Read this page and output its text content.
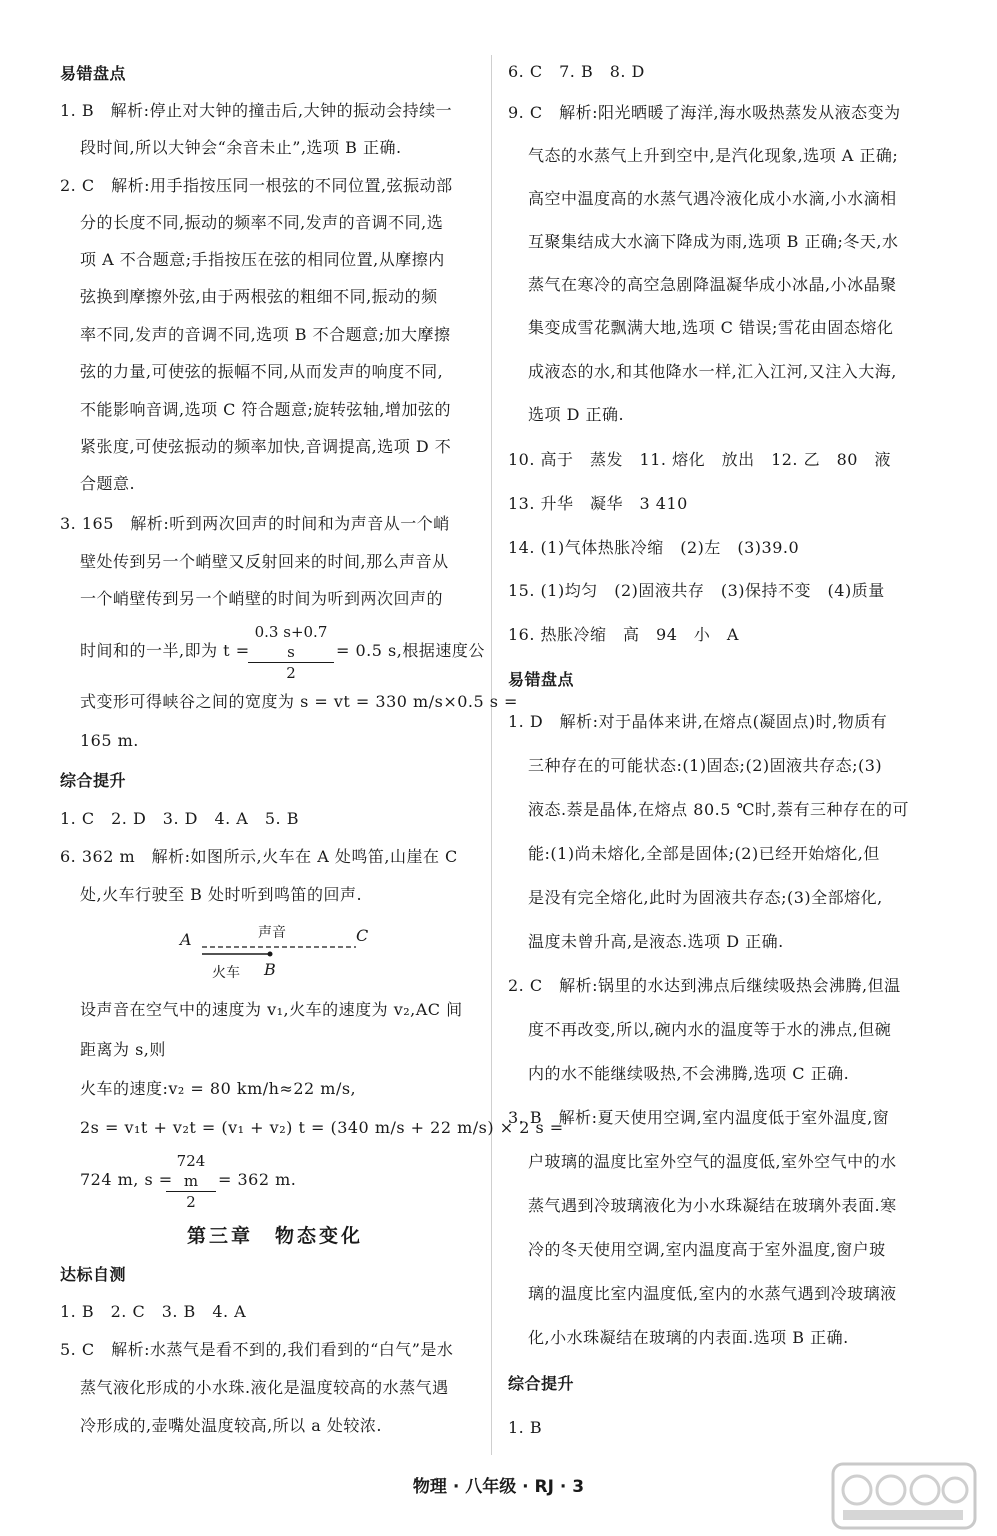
易错盘点
1. B　解析:停止对大钟的撞击后,大钟的振动会持续一
段时间,所以大钟会“余音未止”,选项 B 正确.
2. C　解析:用手指按压同一根弦的不同位置,弦振动部
分的长度不同,振动的频率不同,发声的音调不同,选
项 A 不合题意;手指按压在弦的相同位置,从摩擦内
弦换到摩擦外弦,由于两根弦的粗细不同,振动的频
率不同,发声的音调不同,选项 B 不合题意;加大摩擦
弦的力量,可使弦的振幅不同,从而发声的响度不同,
不能影响音调,选项 C 符合题意;旋转弦轴,增加弦的
紧张度,可使弦振动的频率加快,音调提高,选项 D 不
合题意.
3. 165　解析:听到两次回声的时间和为声音从一个峭
壁处传到另一个峭壁又反射回来的时间,那么声音从
一个峭壁传到另一个峭壁的时间为听到两次回声的
时间和的一半,即为 t =
$\frac{0.3 s+0.7 s}{2} = 0.5$ s,根据速度公
式变形可得峡谷之间的宽度为 s = vt = 330 m/s×0.5 s =
165 m.
综合提升
1. C　2. D　3. D　4. A　5. B
6. 362 m　解析:如图所示,火车在 A 处鸣笛,山崖在 C
处,火车行驶至 B 处时听到鸣笛的回声.
A	声音	C
火车 B
设声音在空气中的速度为 v₁,火车的速度为 v₂,AC 间
距离为 s,则
火车的速度:v₂ = 80 km/h≈22 m/s,
2s = v₁t + v₂t = (v₁ + v₂) t = (340 m/s + 22 m/s) × 2 s =
724 m, s =
$\frac{724 m}{2} = 362$ m.
第三章　物态变化
达标自测
1. B　2. C　3. B　4. A
5. C　解析:水蒸气是看不到的,我们看到的“白气”是水
蒸气液化形成的小水珠.液化是温度较高的水蒸气遇
冷形成的,壶嘴处温度较高,所以 a 处较浓.
6. C　7. B　8. D
9. C　解析:阳光晒暖了海洋,海水吸热蒸发从液态变为
气态的水蒸气上升到空中,是汽化现象,选项 A 正确;
高空中温度高的水蒸气遇冷液化成小水滴,小水滴相
互聚集结成大水滴下降成为雨,选项 B 正确;冬天,水
蒸气在寒冷的高空急剧降温凝华成小冰晶,小冰晶聚
集变成雪花飘满大地,选项 C 错误;雪花由固态熔化
成液态的水,和其他降水一样,汇入江河,又注入大海,
选项 D 正确.
10. 高于　蒸发　11. 熔化　放出　12. 乙　80　液
13. 升华　凝华　3 410
14. (1)气体热胀冷缩　(2)左　(3)39.0
15. (1)均匀　(2)固液共存　(3)保持不变　(4)质量
16. 热胀冷缩　高　94　小　A
易错盘点
1. D　解析:对于晶体来讲,在熔点(凝固点)时,物质有
三种存在的可能状态:(1)固态;(2)固液共存态;(3)
液态.萘是晶体,在熔点 80.5 ℃时,萘有三种存在的可
能:(1)尚未熔化,全部是固体;(2)已经开始熔化,但
是没有完全熔化,此时为固液共存态;(3)全部熔化,
温度未曾升高,是液态.选项 D 正确.
2. C　解析:锅里的水达到沸点后继续吸热会沸腾,但温
度不再改变,所以,碗内水的温度等于水的沸点,但碗
内的水不能继续吸热,不会沸腾,选项 C 正确.
3. B　解析:夏天使用空调,室内温度低于室外温度,窗
户玻璃的温度比室外空气的温度低,室外空气中的水
蒸气遇到冷玻璃液化为小水珠凝结在玻璃外表面.寒
冷的冬天使用空调,室内温度高于室外温度,窗户玻
璃的温度比室内温度低,室内的水蒸气遇到冷玻璃液
化,小水珠凝结在玻璃的内表面.选项 B 正确.
综合提升
1. B
物理 · 八年级 · RJ · 3
